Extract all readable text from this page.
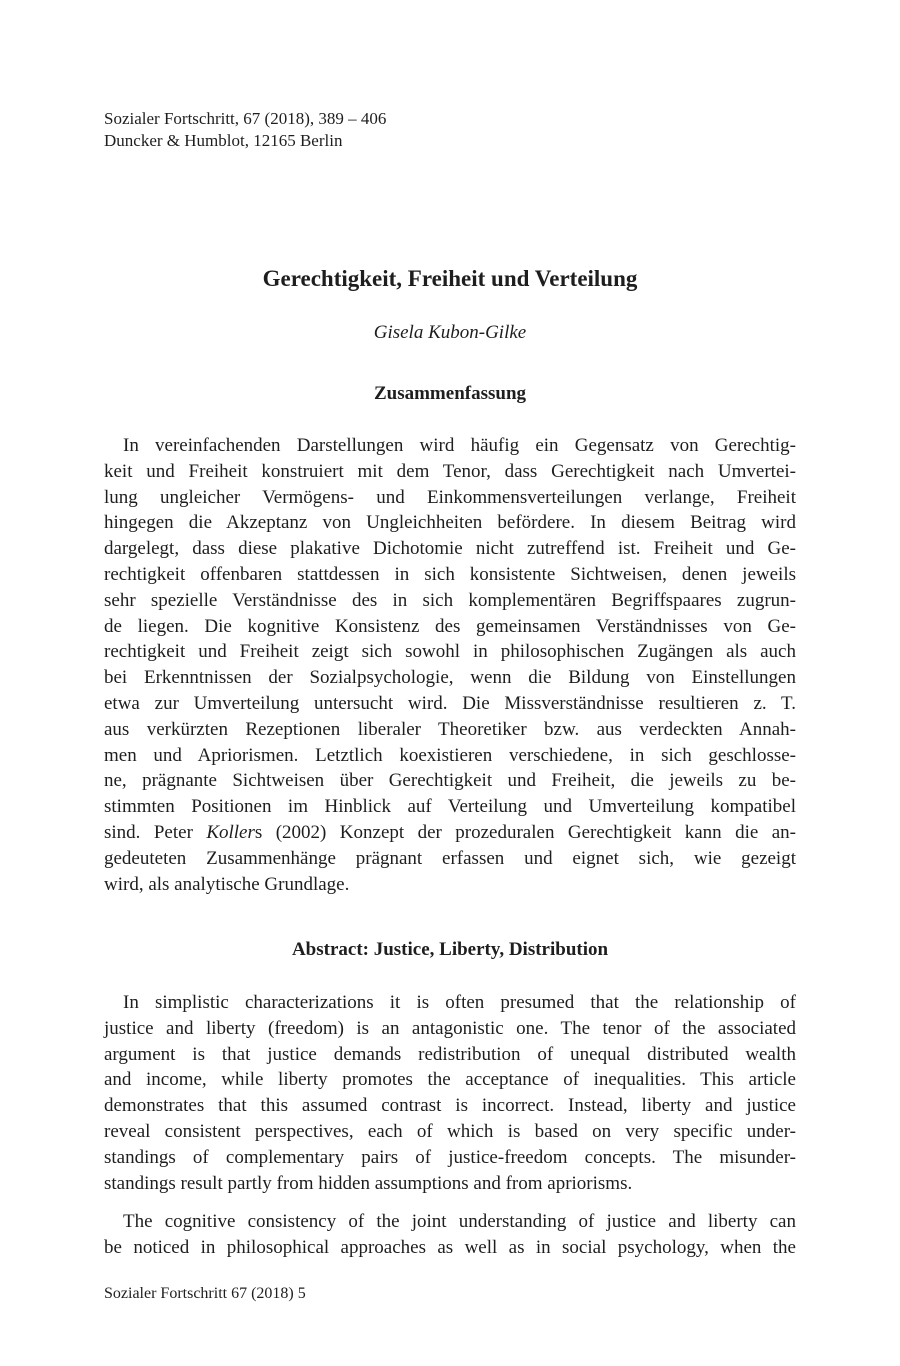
Sozialer Fortschritt, 67 (2018), 389 – 406
Duncker & Humblot, 12165 Berlin
Gerechtigkeit, Freiheit und Verteilung
Gisela Kubon-Gilke
Zusammenfassung
In vereinfachenden Darstellungen wird häufig ein Gegensatz von Gerechtig-
keit und Freiheit konstruiert mit dem Tenor, dass Gerechtigkeit nach Umvertei-
lung ungleicher Vermögens- und Einkommensverteilungen verlange, Freiheit
hingegen die Akzeptanz von Ungleichheiten befördere. In diesem Beitrag wird
dargelegt, dass diese plakative Dichotomie nicht zutreffend ist. Freiheit und Ge-
rechtigkeit offenbaren stattdessen in sich konsistente Sichtweisen, denen jeweils
sehr spezielle Verständnisse des in sich komplementären Begriffspaares zugrun-
de liegen. Die kognitive Konsistenz des gemeinsamen Verständnisses von Ge-
rechtigkeit und Freiheit zeigt sich sowohl in philosophischen Zugängen als auch
bei Erkenntnissen der Sozialpsychologie, wenn die Bildung von Einstellungen
etwa zur Umverteilung untersucht wird. Die Missverständnisse resultieren z. T.
aus verkürzten Rezeptionen liberaler Theoretiker bzw. aus verdeckten Annah-
men und Apriorismen. Letztlich koexistieren verschiedene, in sich geschlosse-
ne, prägnante Sichtweisen über Gerechtigkeit und Freiheit, die jeweils zu be-
stimmten Positionen im Hinblick auf Verteilung und Umverteilung kompatibel
sind. Peter Kollers (2002) Konzept der prozeduralen Gerechtigkeit kann die an-
gedeuteten Zusammenhänge prägnant erfassen und eignet sich, wie gezeigt
wird, als analytische Grundlage.
Abstract: Justice, Liberty, Distribution
In simplistic characterizations it is often presumed that the relationship of
justice and liberty (freedom) is an antagonistic one. The tenor of the associated
argument is that justice demands redistribution of unequal distributed wealth
and income, while liberty promotes the acceptance of inequalities. This article
demonstrates that this assumed contrast is incorrect. Instead, liberty and justice
reveal consistent perspectives, each of which is based on very specific under-
standings of complementary pairs of justice-freedom concepts. The misunder-
standings result partly from hidden assumptions and from apriorisms.
The cognitive consistency of the joint understanding of justice and liberty can
be noticed in philosophical approaches as well as in social psychology, when the
Sozialer Fortschritt 67 (2018) 5
